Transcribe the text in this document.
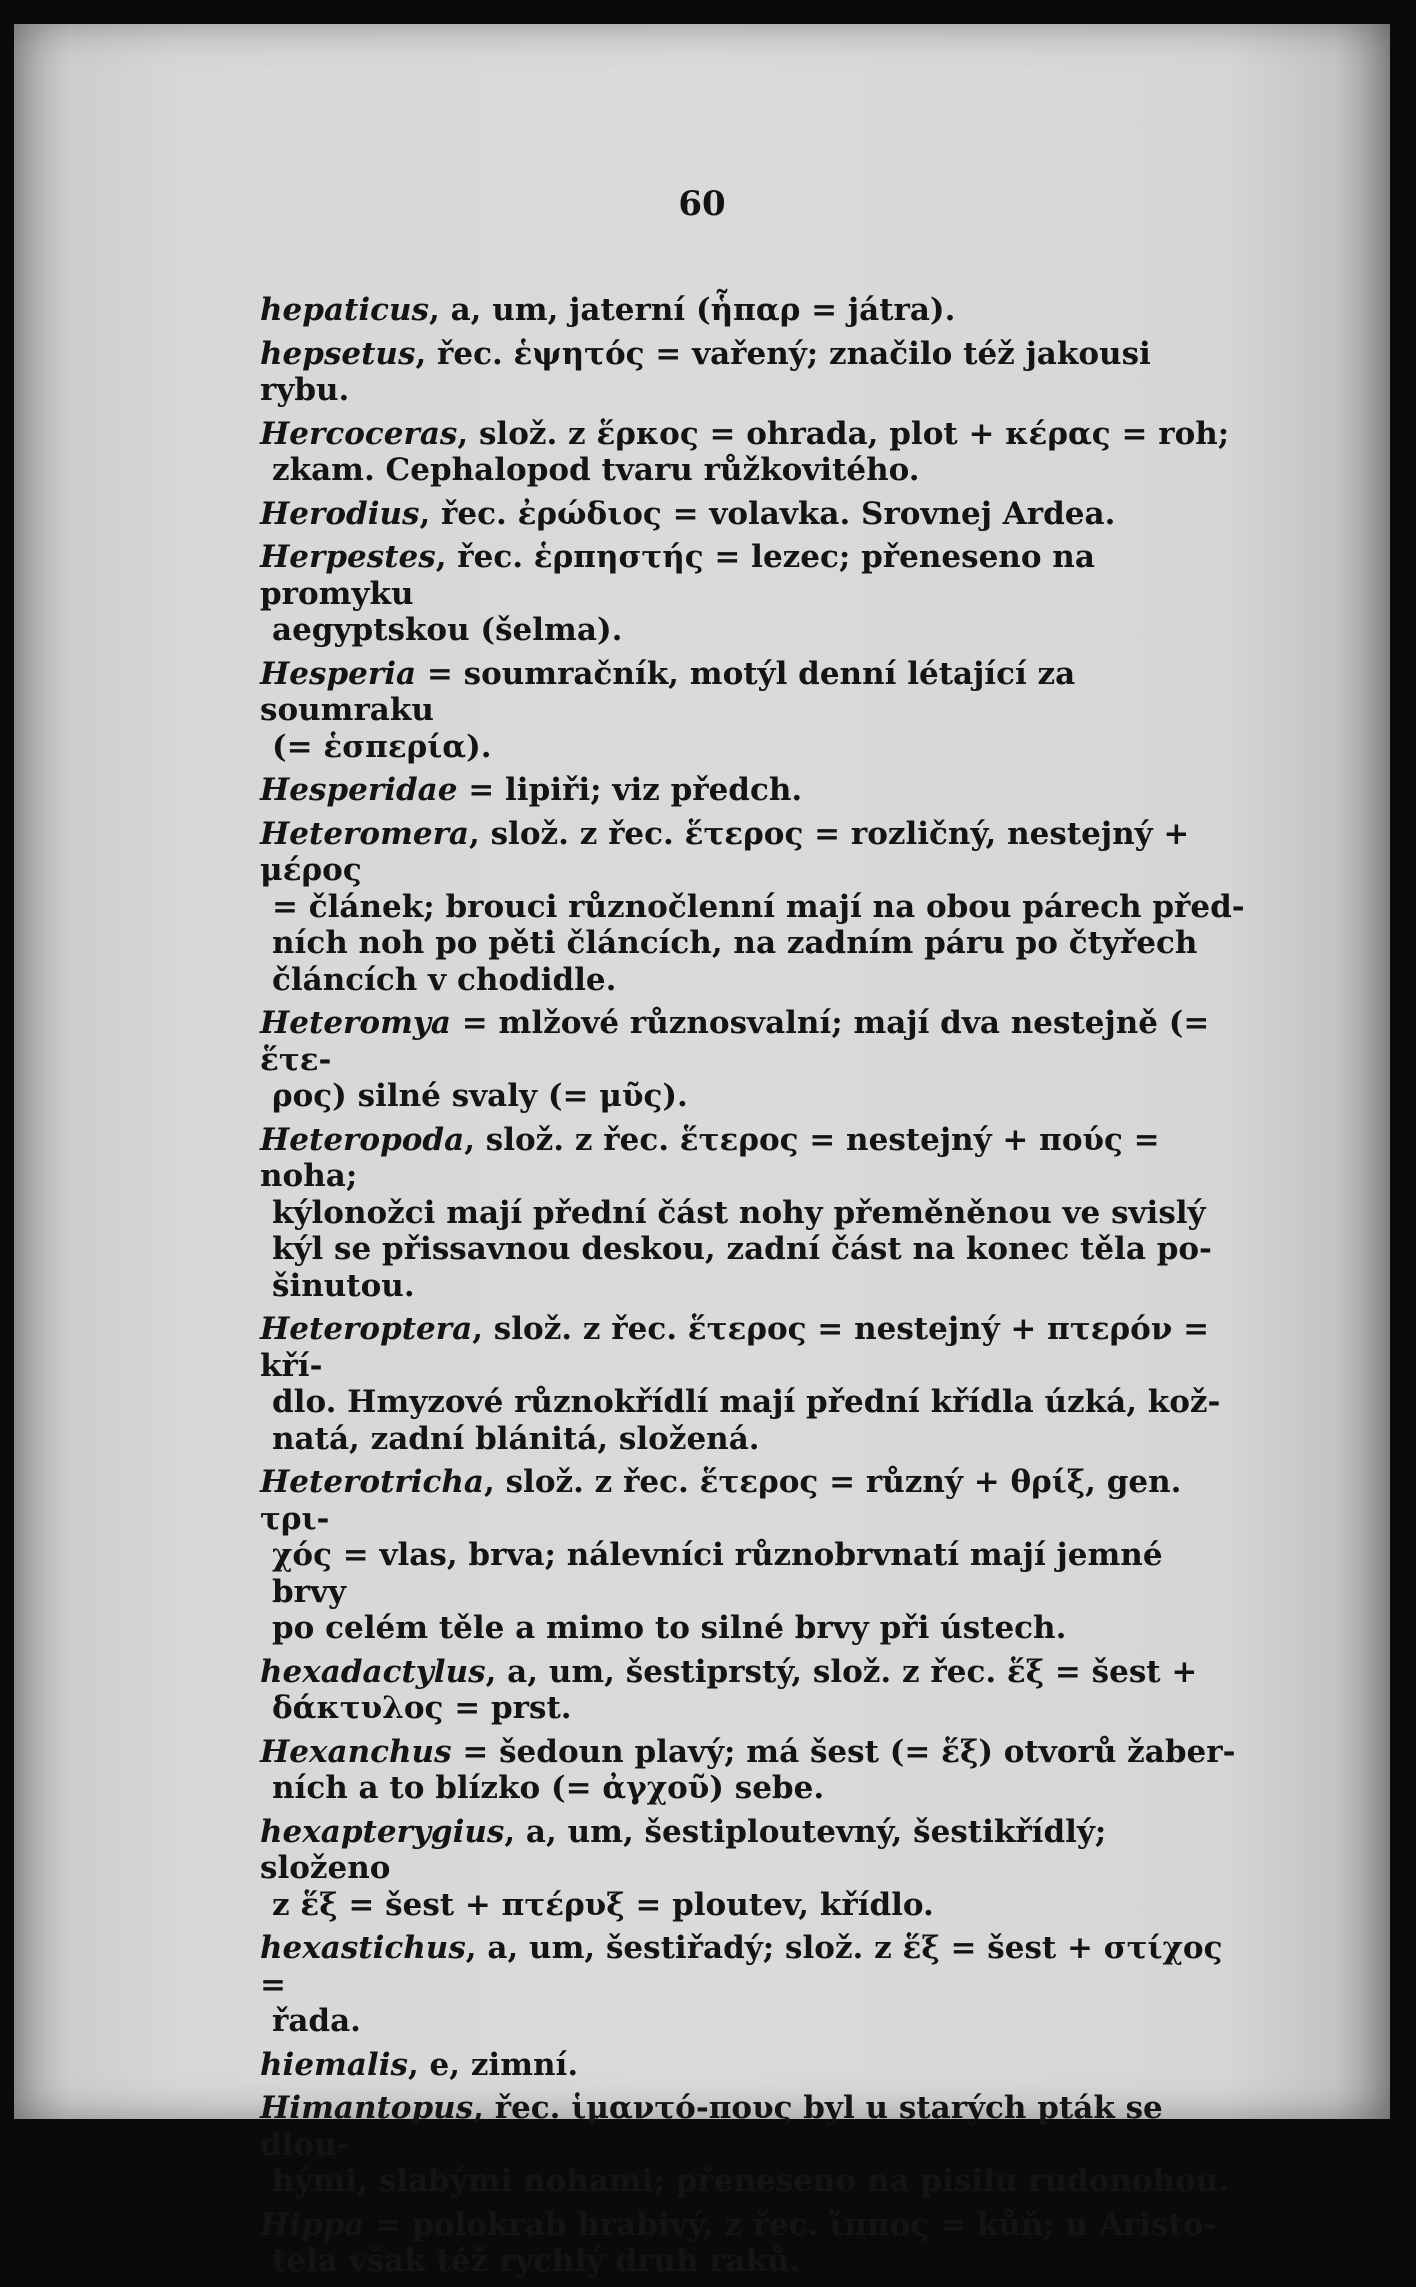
60
hepaticus, a, um, jaterní (ἧπαρ = játra).
hepsetus, řec. ἑψητός = vařený; značilo též jakousi rybu.
Hercoceras, slož. z ἕρκος = ohrada, plot + κέρας = roh;
zkam. Cephalopod tvaru růžkovitého.
Herodius, řec. ἐρώδιος = volavka. Srovnej Ardea.
Herpestes, řec. ἑρπηστής = lezec; přeneseno na promyku
aegyptskou (šelma).
Hesperia = soumračník, motýl denní létající za soumraku
(= ἑσπερία).
Hesperidae = lipiři; viz předch.
Heteromera, slož. z řec. ἕτερος = rozličný, nestejný + μέρος
= článek; brouci různočlenní mají na obou párech před-
ních noh po pěti článcích, na zadním páru po čtyřech
článcích v chodidle.
Heteromya = mlžové různosvalní; mají dva nestejně (= ἕτε-
ρος) silné svaly (= μῦς).
Heteropoda, slož. z řec. ἕτερος = nestejný + πούς = noha;
kýlonožci mají přední část nohy přeměněnou ve svislý
kýl se přissavnou deskou, zadní část na konec těla po-
šinutou.
Heteroptera, slož. z řec. ἕτερος = nestejný + πτερόν = kří-
dlo. Hmyzové různokřídlí mají přední křídla úzká, kož-
natá, zadní blánitá, složená.
Heterotricha, slož. z řec. ἕτερος = různý + θρίξ, gen. τρι-
χός = vlas, brva; nálevníci různobrvnatí mají jemné brvy
po celém těle a mimo to silné brvy při ústech.
hexadactylus, a, um, šestiprstý, slož. z řec. ἕξ = šest +
δάκτυλος = prst.
Hexanchus = šedoun plavý; má šest (= ἕξ) otvorů žaber-
ních a to blízko (= ἀγχοῦ) sebe.
hexapterygius, a, um, šestiploutevný, šestikřídlý; složeno
z ἕξ = šest + πτέρυξ = ploutev, křídlo.
hexastichus, a, um, šestiřadý; slož. z ἕξ = šest + στίχος =
řada.
hiemalis, e, zimní.
Himantopus, řec. ἱμαντό-πους byl u starých pták se dlou-
hými, slabými nohami; přeneseno na pisilu rudonohou.
Hippa = polokrab hrabivý, z řec. ἵππος = kůň; u Aristo-
tela však též rychlý druh raků.
